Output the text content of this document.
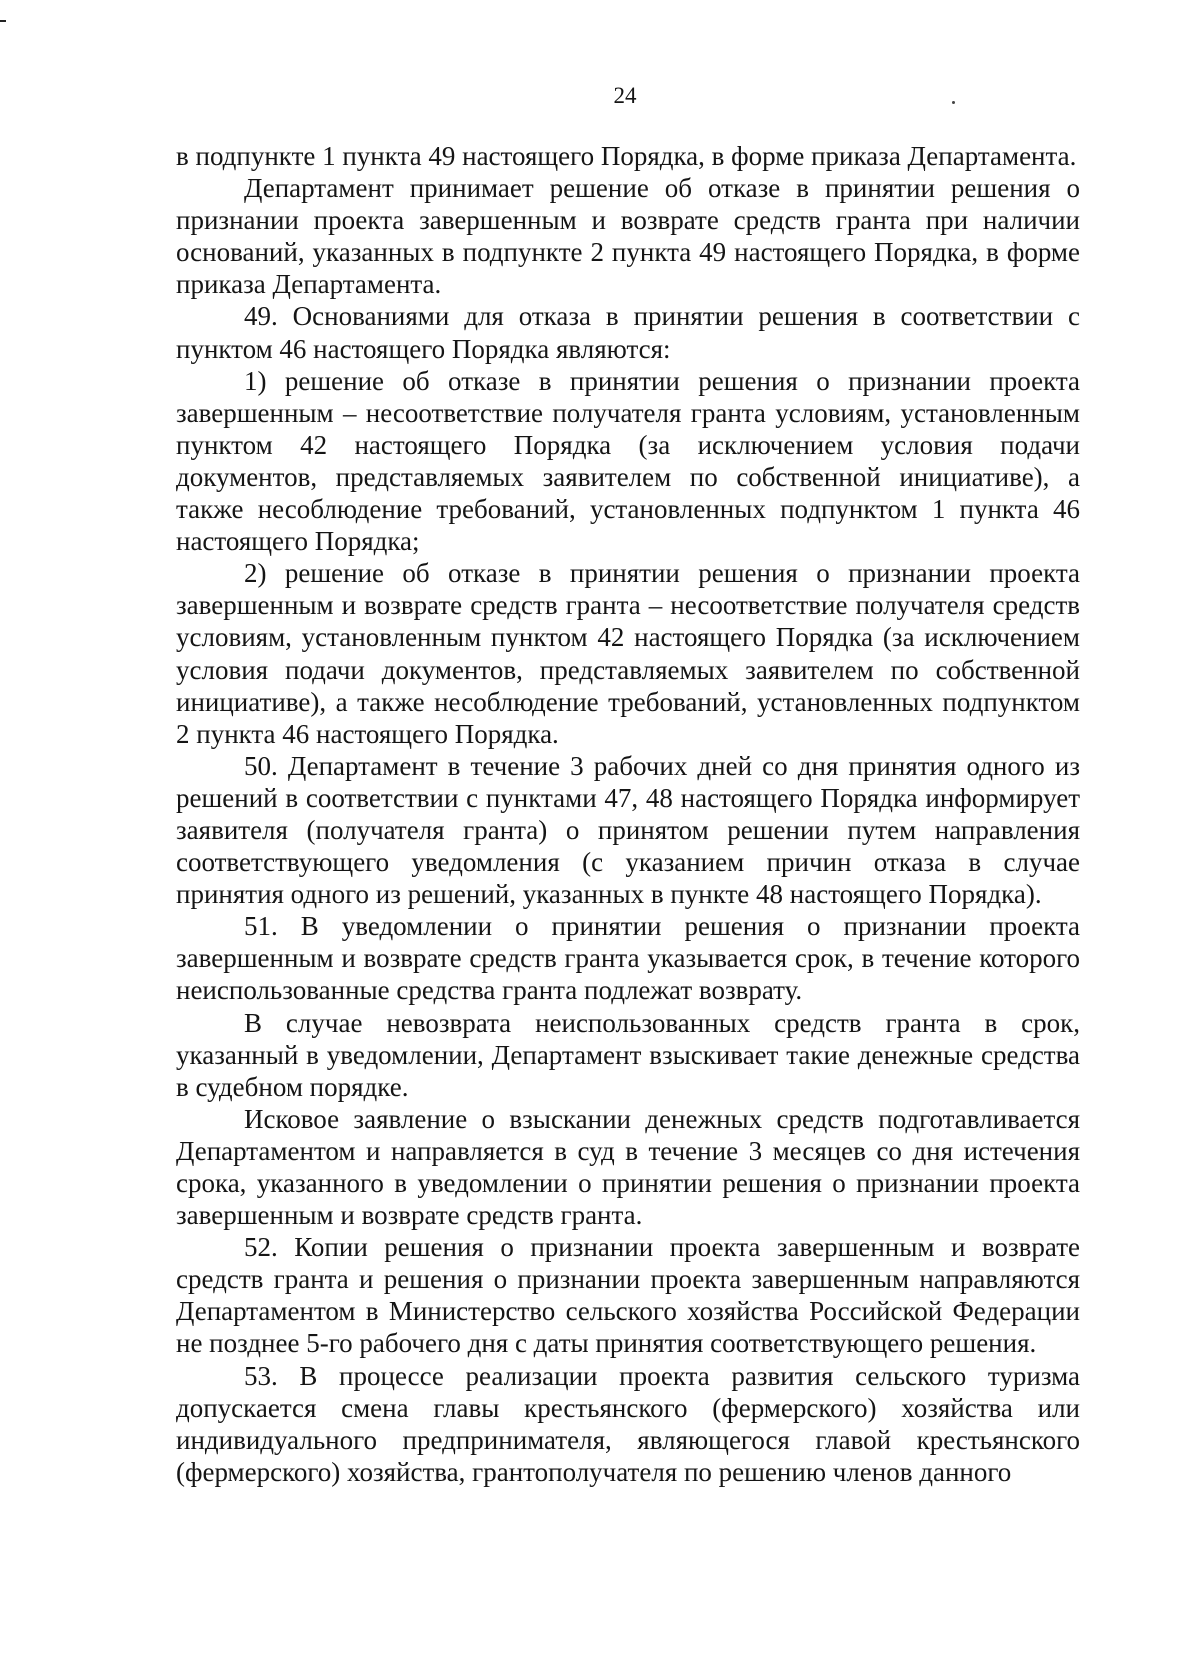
24

в подпункте 1 пункта 49 настоящего Порядка, в форме приказа Департамента.

Департамент принимает решение об отказе в принятии решения о признании проекта завершенным и возврате средств гранта при наличии оснований, указанных в подпункте 2 пункта 49 настоящего Порядка, в форме приказа Департамента.

49. Основаниями для отказа в принятии решения в соответствии с пунктом 46 настоящего Порядка являются:

1) решение об отказе в принятии решения о признании проекта завершенным – несоответствие получателя гранта условиям, установленным пунктом 42 настоящего Порядка (за исключением условия подачи документов, представляемых заявителем по собственной инициативе), а также несоблюдение требований, установленных подпунктом 1 пункта 46 настоящего Порядка;

2) решение об отказе в принятии решения о признании проекта завершенным и возврате средств гранта – несоответствие получателя средств условиям, установленным пунктом 42 настоящего Порядка (за исключением условия подачи документов, представляемых заявителем по собственной инициативе), а также несоблюдение требований, установленных подпунктом 2 пункта 46 настоящего Порядка.

50. Департамент в течение 3 рабочих дней со дня принятия одного из решений в соответствии с пунктами 47, 48 настоящего Порядка информирует заявителя (получателя гранта) о принятом решении путем направления соответствующего уведомления (с указанием причин отказа в случае принятия одного из решений, указанных в пункте 48 настоящего Порядка).

51. В уведомлении о принятии решения о признании проекта завершенным и возврате средств гранта указывается срок, в течение которого неиспользованные средства гранта подлежат возврату.

В случае невозврата неиспользованных средств гранта в срок, указанный в уведомлении, Департамент взыскивает такие денежные средства в судебном порядке.

Исковое заявление о взыскании денежных средств подготавливается Департаментом и направляется в суд в течение 3 месяцев со дня истечения срока, указанного в уведомлении о принятии решения о признании проекта завершенным и возврате средств гранта.

52. Копии решения о признании проекта завершенным и возврате средств гранта и решения о признании проекта завершенным направляются Департаментом в Министерство сельского хозяйства Российской Федерации не позднее 5-го рабочего дня с даты принятия соответствующего решения.

53. В процессе реализации проекта развития сельского туризма допускается смена главы крестьянского (фермерского) хозяйства или индивидуального предпринимателя, являющегося главой крестьянского (фермерского) хозяйства, грантополучателя по решению членов данного
